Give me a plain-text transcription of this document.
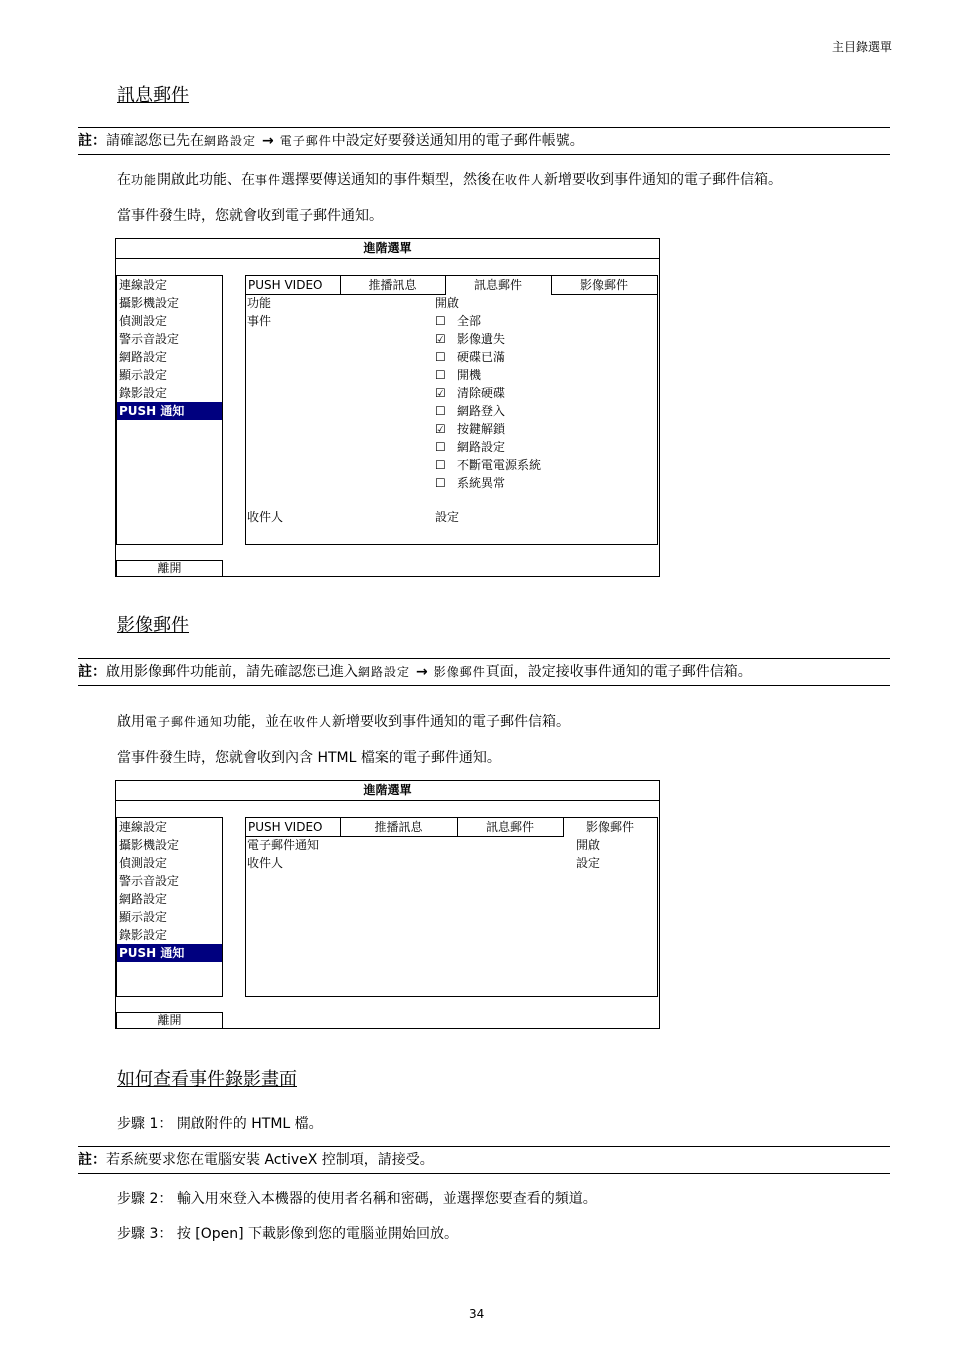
主目錄選單
訊息郵件
註：請確認您已先在網路設定 → 電子郵件中設定好要發送通知用的電子郵件帳號。
在功能開啟此功能、在事件選擇要傳送通知的事件類型，然後在收件人新增要收到事件通知的電子郵件信箱。
當事件發生時，您就會收到電子郵件通知。
進階選單
連線設定
攝影機設定
偵測設定
警示音設定
網路設定
顯示設定
錄影設定
PUSH 通知
PUSH VIDEO	推播訊息	訊息郵件	影像郵件
功能	開啟
事件	☐ 全部
☑ 影像遺失
☐ 硬碟已滿
☐ 開機
☑ 清除硬碟
☐ 網路登入
☑ 按鍵解鎖
☐ 網路設定
☐ 不斷電電源系統
☐ 系統異常
收件人	設定
離開
影像郵件
註：啟用影像郵件功能前，請先確認您已進入網路設定 → 影像郵件頁面，設定接收事件通知的電子郵件信箱。
啟用電子郵件通知功能，並在收件人新增要收到事件通知的電子郵件信箱。
當事件發生時，您就會收到內含 HTML 檔案的電子郵件通知。
進階選單
連線設定
攝影機設定
偵測設定
警示音設定
網路設定
顯示設定
錄影設定
PUSH 通知
PUSH VIDEO	推播訊息	訊息郵件	影像郵件
電子郵件通知	開啟
收件人	設定
離開
如何查看事件錄影畫面
步驟 1： 開啟附件的 HTML 檔。
註：若系統要求您在電腦安裝 ActiveX 控制項，請接受。
步驟 2： 輸入用來登入本機器的使用者名稱和密碼，並選擇您要查看的頻道。
步驟 3： 按 [Open] 下載影像到您的電腦並開始回放。
34
